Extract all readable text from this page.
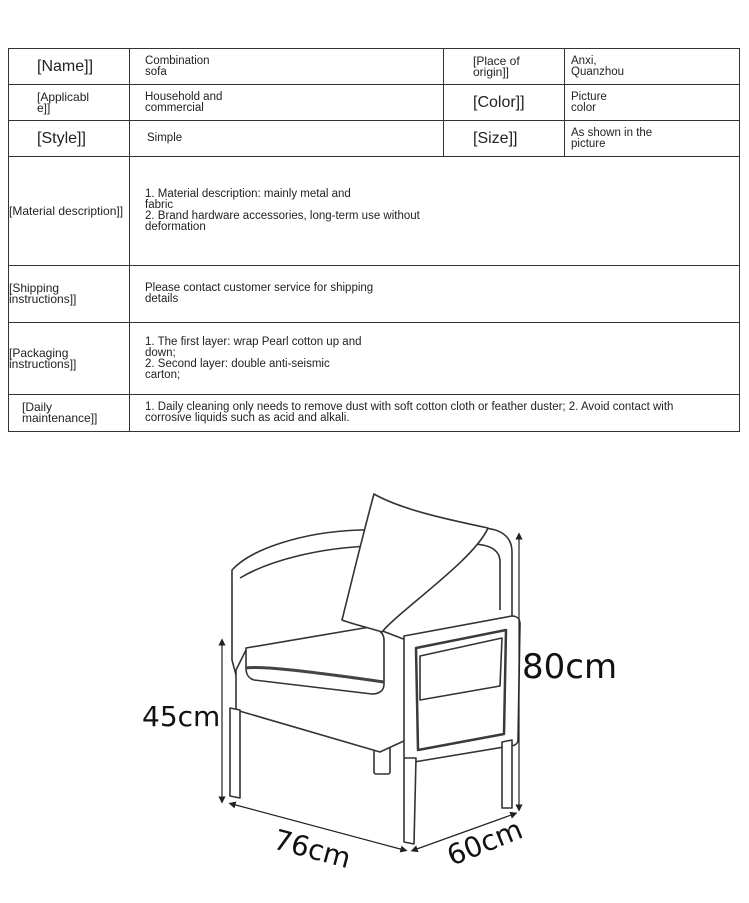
[Name]]	Combination
sofa	[Place of
origin]]	Anxi,
Quanzhou
[Applicabl
e]]	Household and
commercial	[Color]]	Picture
color
[Style]]	Simple	[Size]]	As shown in the
picture
[Material description]]	1. Material description: mainly metal and
fabric
2. Brand hardware accessories, long-term use without
deformation		
[Shipping
instructions]]	Please contact customer service for shipping
details		
[Packaging
instructions]]	1. The first layer: wrap Pearl cotton up and
down;
2. Second layer: double anti-seismic
carton;		
[Daily
maintenance]]	1. Daily cleaning only needs to remove dust with soft cotton cloth or feather duster; 2. Avoid contact with
corrosive liquids such as acid and alkali.		
80cm
45cm
76cm	60cm
